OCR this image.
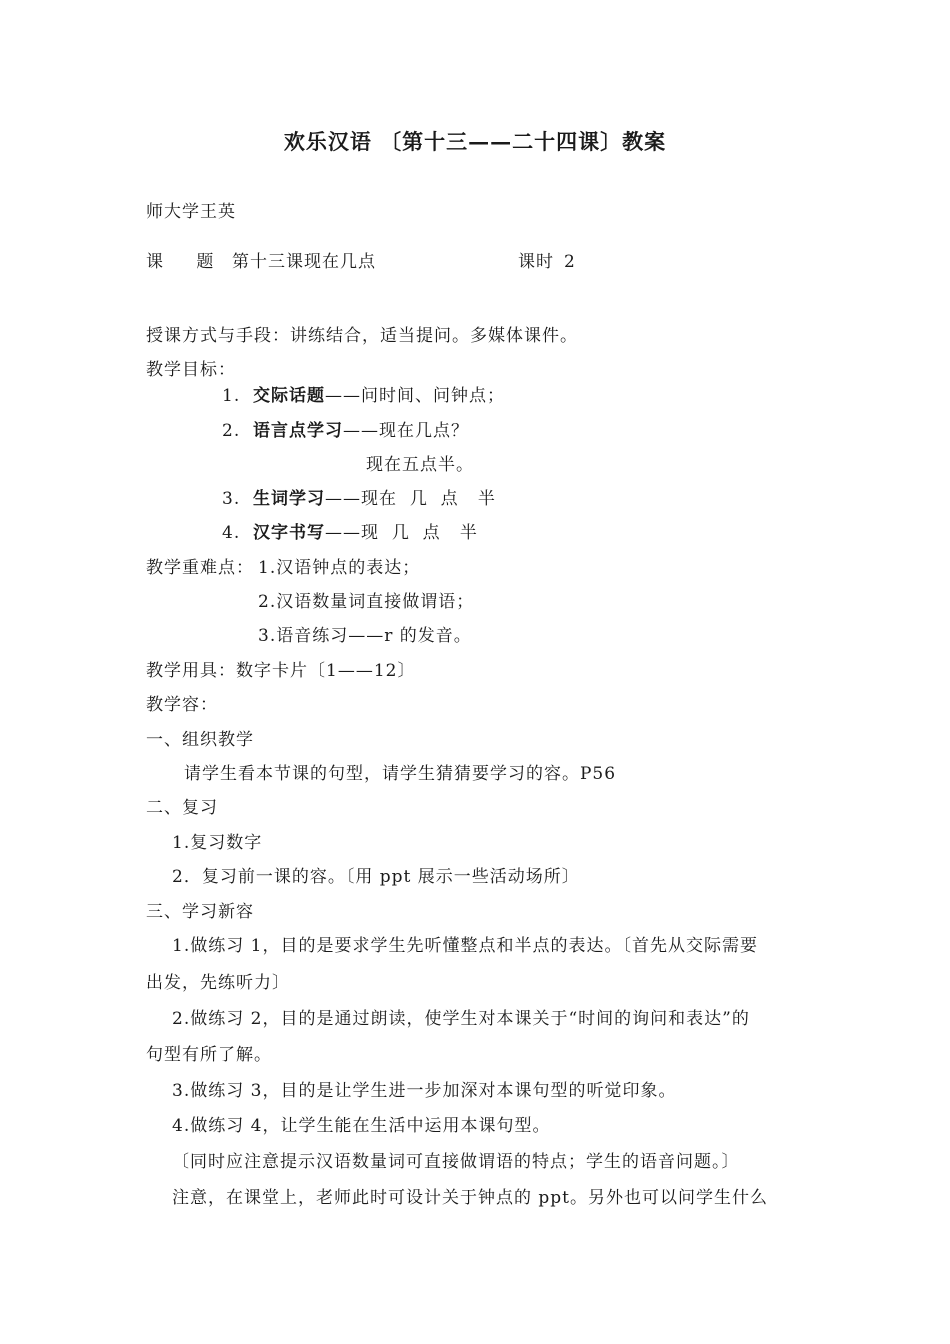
欢乐汉语 〔第十三——二十四课〕教案
师大学王英
课 题 第十三课现在几点	课时 2
授课方式与手段：讲练结合，适当提问。多媒体课件。
教学目标：
1. 交际话题——问时间、问钟点；
2. 语言点学习——现在几点？
现在五点半。
3. 生词学习——现在  几  点   半
4. 汉字书写——现  几  点   半
教学重难点： 1.汉语钟点的表达；
2.汉语数量词直接做谓语；
3.语音练习——r 的发音。
教学用具：数字卡片〔1——12〕
教学容：
一、组织教学
请学生看本节课的句型，请学生猜猜要学习的容。P56
二、复习
1.复习数字
2．复习前一课的容。〔用 ppt 展示一些活动场所〕
三、学习新容
1.做练习 1，目的是要求学生先听懂整点和半点的表达。〔首先从交际需要
出发，先练听力〕
2.做练习 2，目的是通过朗读，使学生对本课关于“时间的询问和表达”的
句型有所了解。
3.做练习 3，目的是让学生进一步加深对本课句型的听觉印象。
4.做练习 4，让学生能在生活中运用本课句型。
〔同时应注意提示汉语数量词可直接做谓语的特点；学生的语音问题。〕
注意，在课堂上，老师此时可设计关于钟点的 ppt。另外也可以问学生什么
